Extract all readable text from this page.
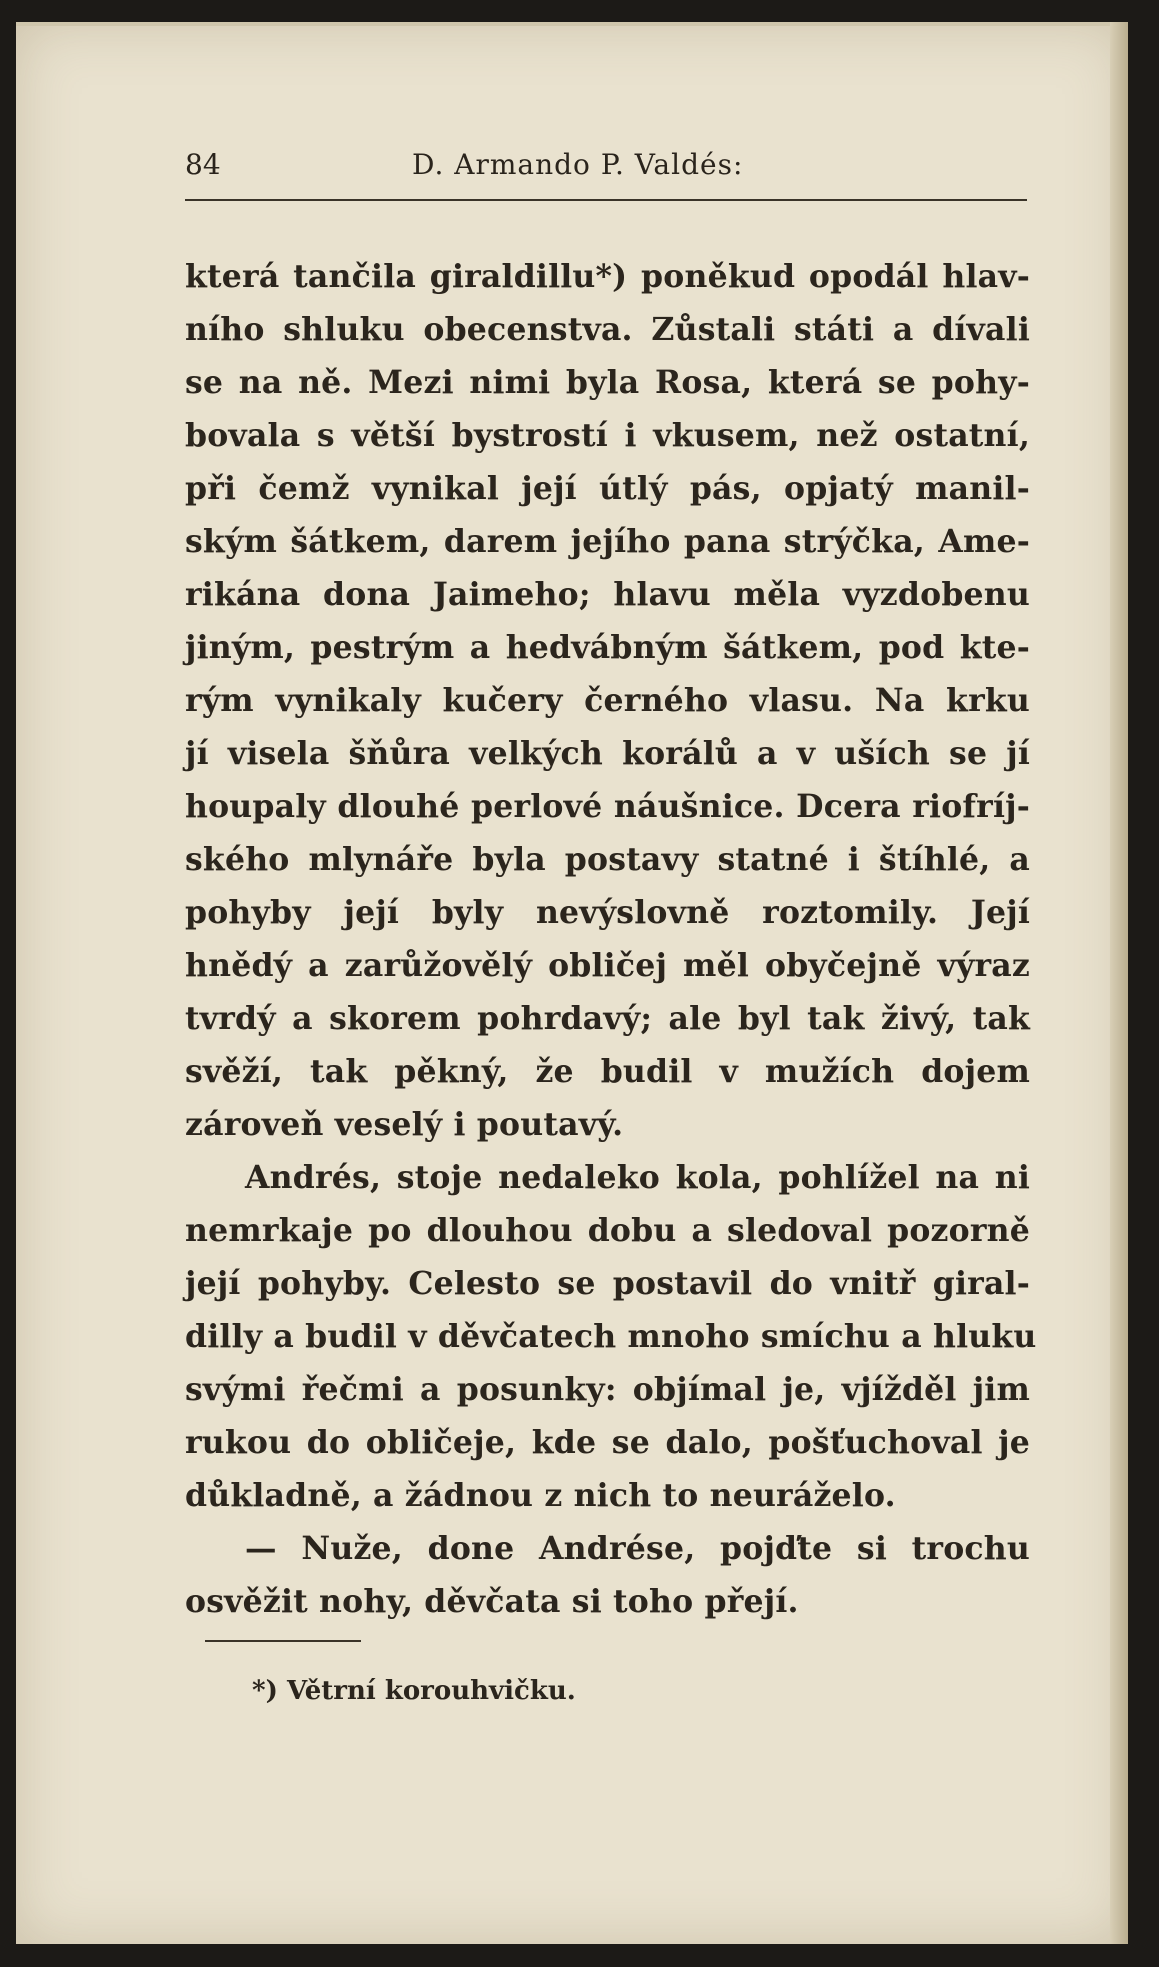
84	D. Armando P. Valdés:
která tančila giraldillu*) poněkud opodál hlav-
ního shluku obecenstva. Zůstali státi a dívali
se na ně. Mezi nimi byla Rosa, která se pohy-
bovala s větší bystrostí i vkusem, než ostatní,
při čemž vynikal její útlý pás, opjatý manil-
ským šátkem, darem jejího pana strýčka, Ame-
rikána dona Jaimeho; hlavu měla vyzdobenu
jiným, pestrým a hedvábným šátkem, pod kte-
rým vynikaly kučery černého vlasu. Na krku
jí visela šňůra velkých korálů a v uších se jí
houpaly dlouhé perlové náušnice. Dcera riofríj-
ského mlynáře byla postavy statné i štíhlé, a
pohyby její byly nevýslovně roztomily. Její
hnědý a zarůžovělý obličej měl obyčejně výraz
tvrdý a skorem pohrdavý; ale byl tak živý, tak
svěží, tak pěkný, že budil v mužích dojem
zároveň veselý i poutavý.
Andrés, stoje nedaleko kola, pohlížel na ni
nemrkaje po dlouhou dobu a sledoval pozorně
její pohyby. Celesto se postavil do vnitř giral-
dilly a budil v děvčatech mnoho smíchu a hluku
svými řečmi a posunky: objímal je, vjížděl jim
rukou do obličeje, kde se dalo, pošťuchoval je
důkladně, a žádnou z nich to neuráželo.
— Nuže, done Andrése, pojďte si trochu
osvěžit nohy, děvčata si toho přejí.
*) Větrní korouhvičku.
